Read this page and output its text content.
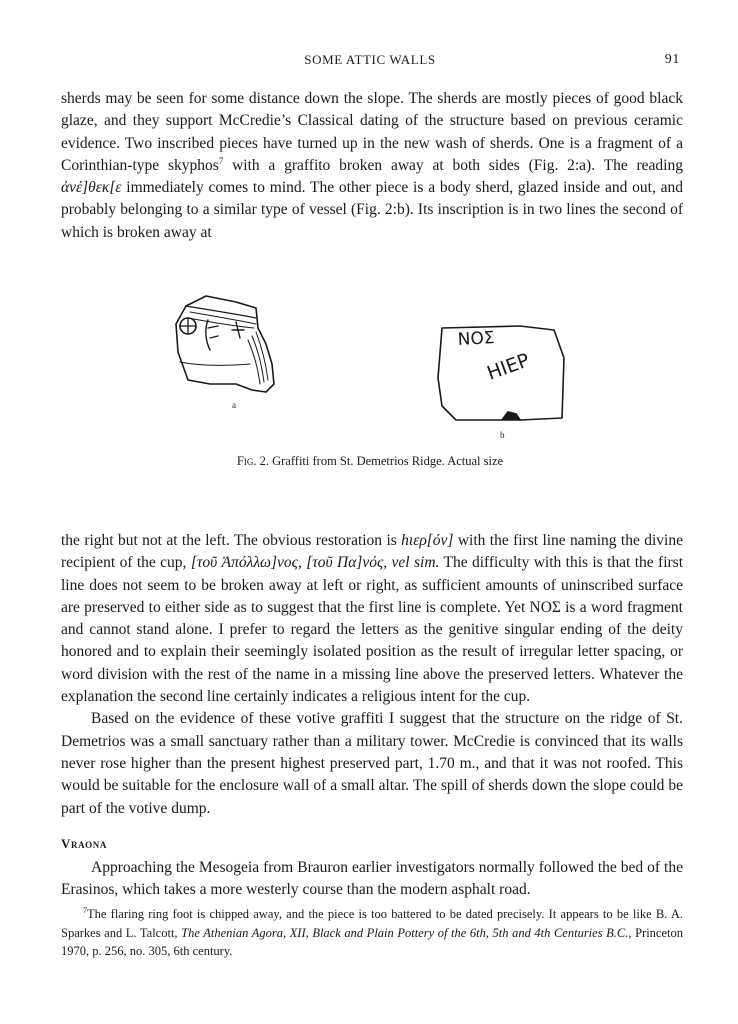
SOME ATTIC WALLS	91

sherds may be seen for some distance down the slope. The sherds are mostly pieces of good black glaze, and they support McCredie’s Classical dating of the structure based on previous ceramic evidence. Two inscribed pieces have turned up in the new wash of sherds. One is a fragment of a Corinthian-type skyphos$^7$ with a graffito broken away at both sides (Fig. 2:a). The reading ἀνέ]θεκ[ε immediately comes to mind. The other piece is a body sherd, glazed inside and out, and probably belonging to a similar type of vessel (Fig. 2:b). Its inscription is in two lines the second of which is broken away at

a
ΝΟΣ
ΗΙΕΡ
b
Fig. 2. Graffiti from St. Demetrios Ridge. Actual size

the right but not at the left. The obvious restoration is hιερ[όν] with the first line naming the divine recipient of the cup, [τοῦ Ἀπόλλω]νος, [τοῦ Πα]νός, vel sim. The difficulty with this is that the first line does not seem to be broken away at left or right, as sufficient amounts of uninscribed surface are preserved to either side as to suggest that the first line is complete. Yet ΝΟΣ is a word fragment and cannot stand alone. I prefer to regard the letters as the genitive singular ending of the deity honored and to explain their seemingly isolated position as the result of irregular letter spacing, or word division with the rest of the name in a missing line above the preserved letters. Whatever the explanation the second line certainly indicates a religious intent for the cup.

Based on the evidence of these votive graffiti I suggest that the structure on the ridge of St. Demetrios was a small sanctuary rather than a military tower. McCredie is convinced that its walls never rose higher than the present highest preserved part, 1.70 m., and that it was not roofed. This would be suitable for the enclosure wall of a small altar. The spill of sherds down the slope could be part of the votive dump.

Vraona

Approaching the Mesogeia from Brauron earlier investigators normally followed the bed of the Erasinos, which takes a more westerly course than the modern asphalt road.

$^7$The flaring ring foot is chipped away, and the piece is too battered to be dated precisely. It appears to be like B. A. Sparkes and L. Talcott, The Athenian Agora, XII, Black and Plain Pottery of the 6th, 5th and 4th Centuries B.C., Princeton 1970, p. 256, no. 305, 6th century.
